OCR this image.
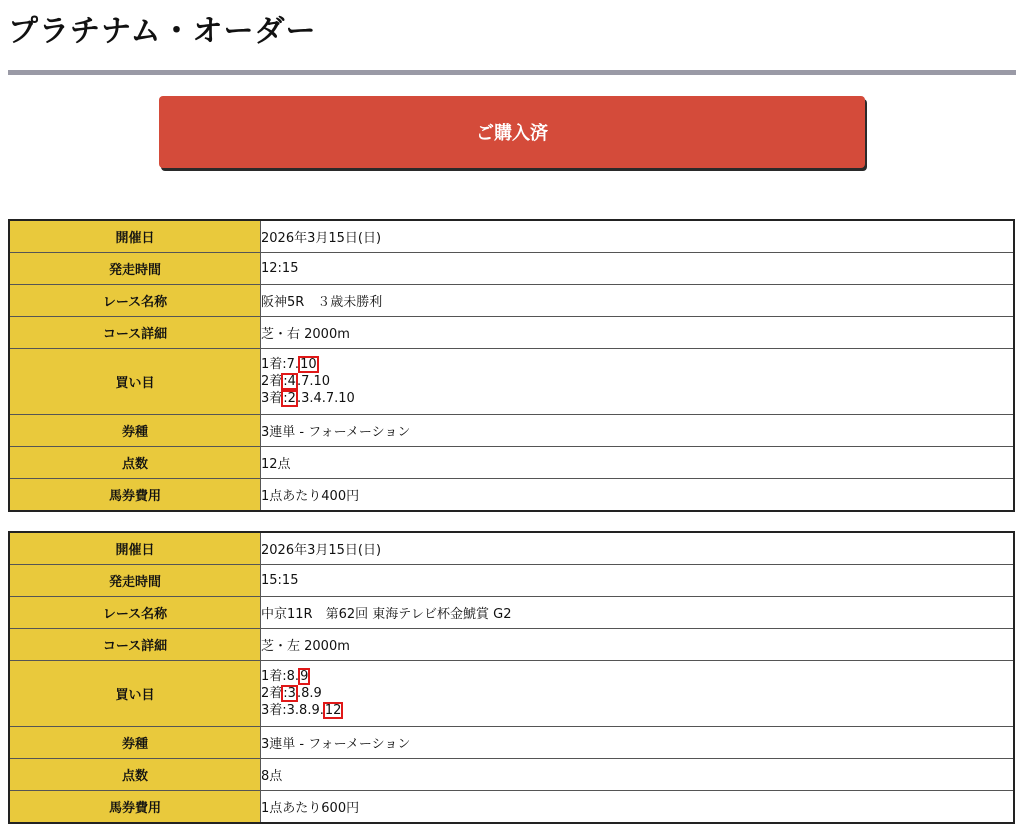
プラチナム・オーダー
ご購入済
開催日	2026年3月15日(日)
発走時間	12:15
レース名称	阪神5R　３歳未勝利
コース詳細	芝・右 2000m
買い目	1着:7.10
2着:4.7.10
3着:2.3.4.7.10

券種	3連単 - フォーメーション
点数	12点
馬券費用	1点あたり400円
開催日	2026年3月15日(日)
発走時間	15:15
レース名称	中京11R　第62回 東海テレビ杯金鯱賞 G2
コース詳細	芝・左 2000m
買い目	1着:8.9
2着:3.8.9
3着:3.8.9.12

券種	3連単 - フォーメーション
点数	8点
馬券費用	1点あたり600円
